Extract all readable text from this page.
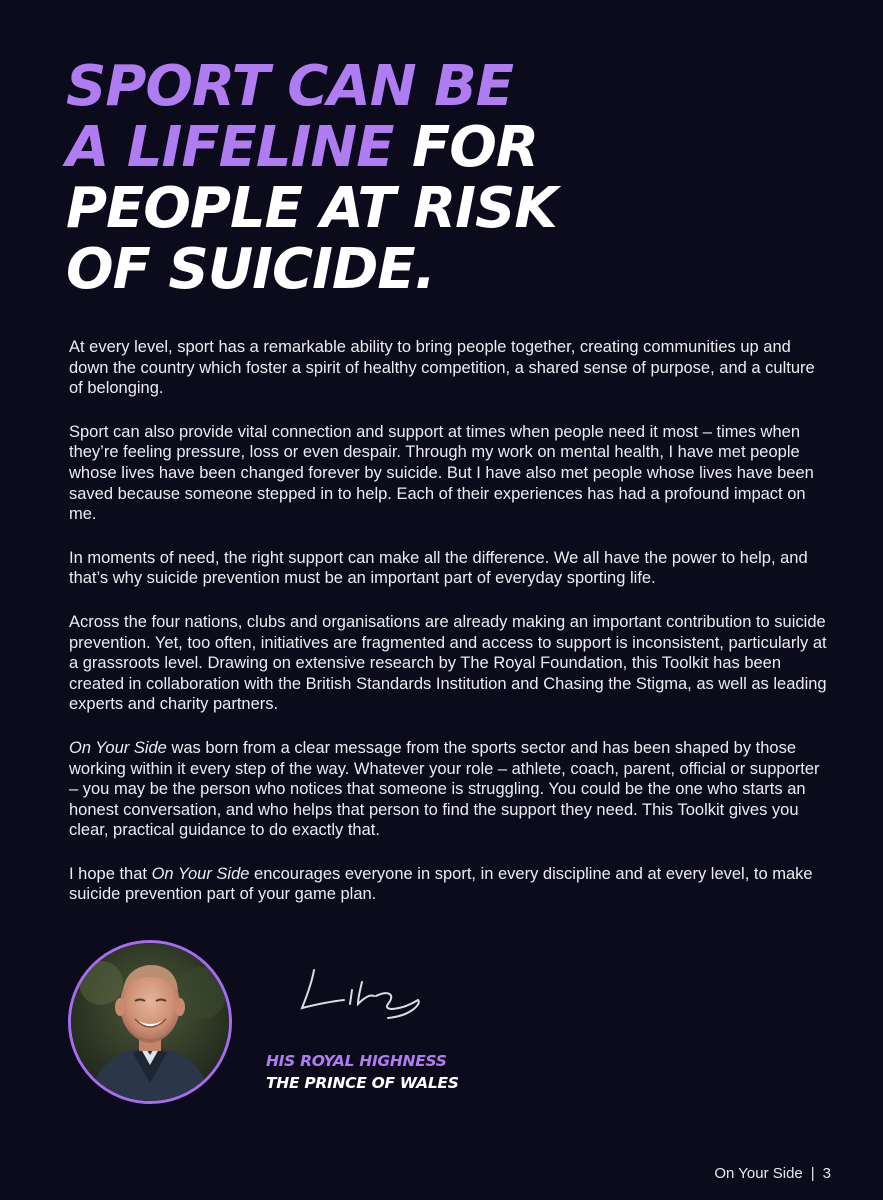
SPORT CAN BE
A LIFELINE FOR
PEOPLE AT RISK
OF SUICIDE.

At every level, sport has a remarkable ability to bring people together, creating communities up and down the country which foster a spirit of healthy competition, a shared sense of purpose, and a culture of belonging.

Sport can also provide vital connection and support at times when people need it most – times when they’re feeling pressure, loss or even despair. Through my work on mental health, I have met people whose lives have been changed forever by suicide. But I have also met people whose lives have been saved because someone stepped in to help. Each of their experiences has had a profound impact on me.

In moments of need, the right support can make all the difference. We all have the power to help, and that’s why suicide prevention must be an important part of everyday sporting life.

Across the four nations, clubs and organisations are already making an important contribution to suicide prevention. Yet, too often, initiatives are fragmented and access to support is inconsistent, particularly at a grassroots level. Drawing on extensive research by The Royal Foundation, this Toolkit has been created in collaboration with the British Standards Institution and Chasing the Stigma, as well as leading experts and charity partners.

On Your Side was born from a clear message from the sports sector and has been shaped by those working within it every step of the way. Whatever your role – athlete, coach, parent, official or supporter – you may be the person who notices that someone is struggling. You could be the one who starts an honest conversation, and who helps that person to find the support they need. This Toolkit gives you clear, practical guidance to do exactly that.

I hope that On Your Side encourages everyone in sport, in every discipline and at every level, to make suicide prevention part of your game plan.

HIS ROYAL HIGHNESS
THE PRINCE OF WALES
On Your Side | 3
